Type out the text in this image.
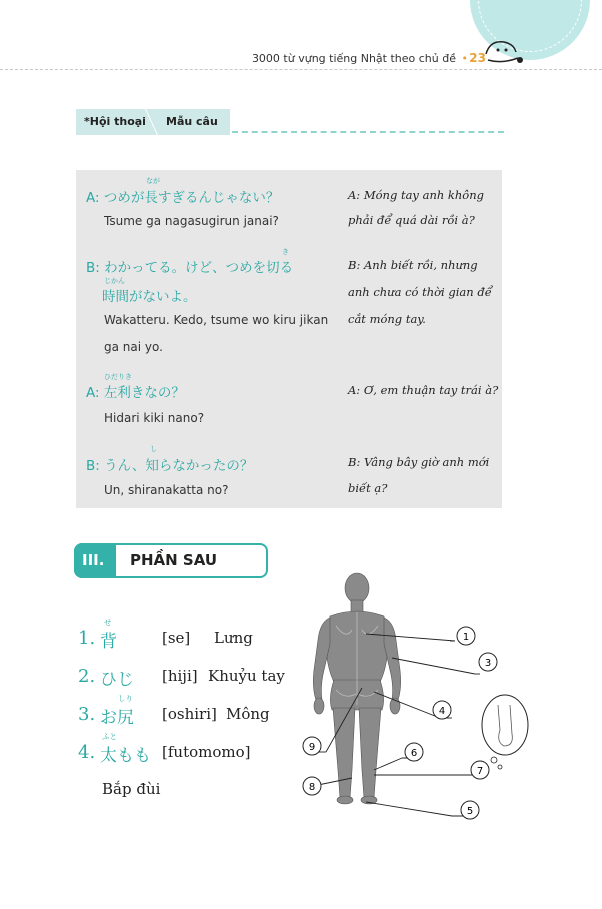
3000 từ vựng tiếng Nhật theo chủ đề • 23
*Hội thoại Mẫu câu
なが
A: つめが長すぎるんじゃない？
Tsume ga nagasugirun janai?
A: Móng tay anh không
phải để quá dài rồi à?
き
B: わかってる。けど、つめを切る
じかん
時間がないよ。
Wakatteru. Kedo, tsume wo kiru jikan
ga nai yo.
B: Anh biết rồi, nhưng
anh chưa có thời gian để
cắt móng tay.
ひだりき
A: 左利きなの？
Hidari kiki nano?
A: Ơ, em thuận tay trái à?
し
B: うん、知らなかったの？
Un, shiranakatta no?
B: Vâng bây giờ anh mới
biết ạ?
III. PHẦN SAU
せ
1. 背	[se] Lưng
2. ひじ [hiji] Khuỷu tay
しり
3. お尻 [oshiri] Mông
ふと
4. 太もも [futomomo]
Bắp đùi
1
3
4
6
7
5
8
9
